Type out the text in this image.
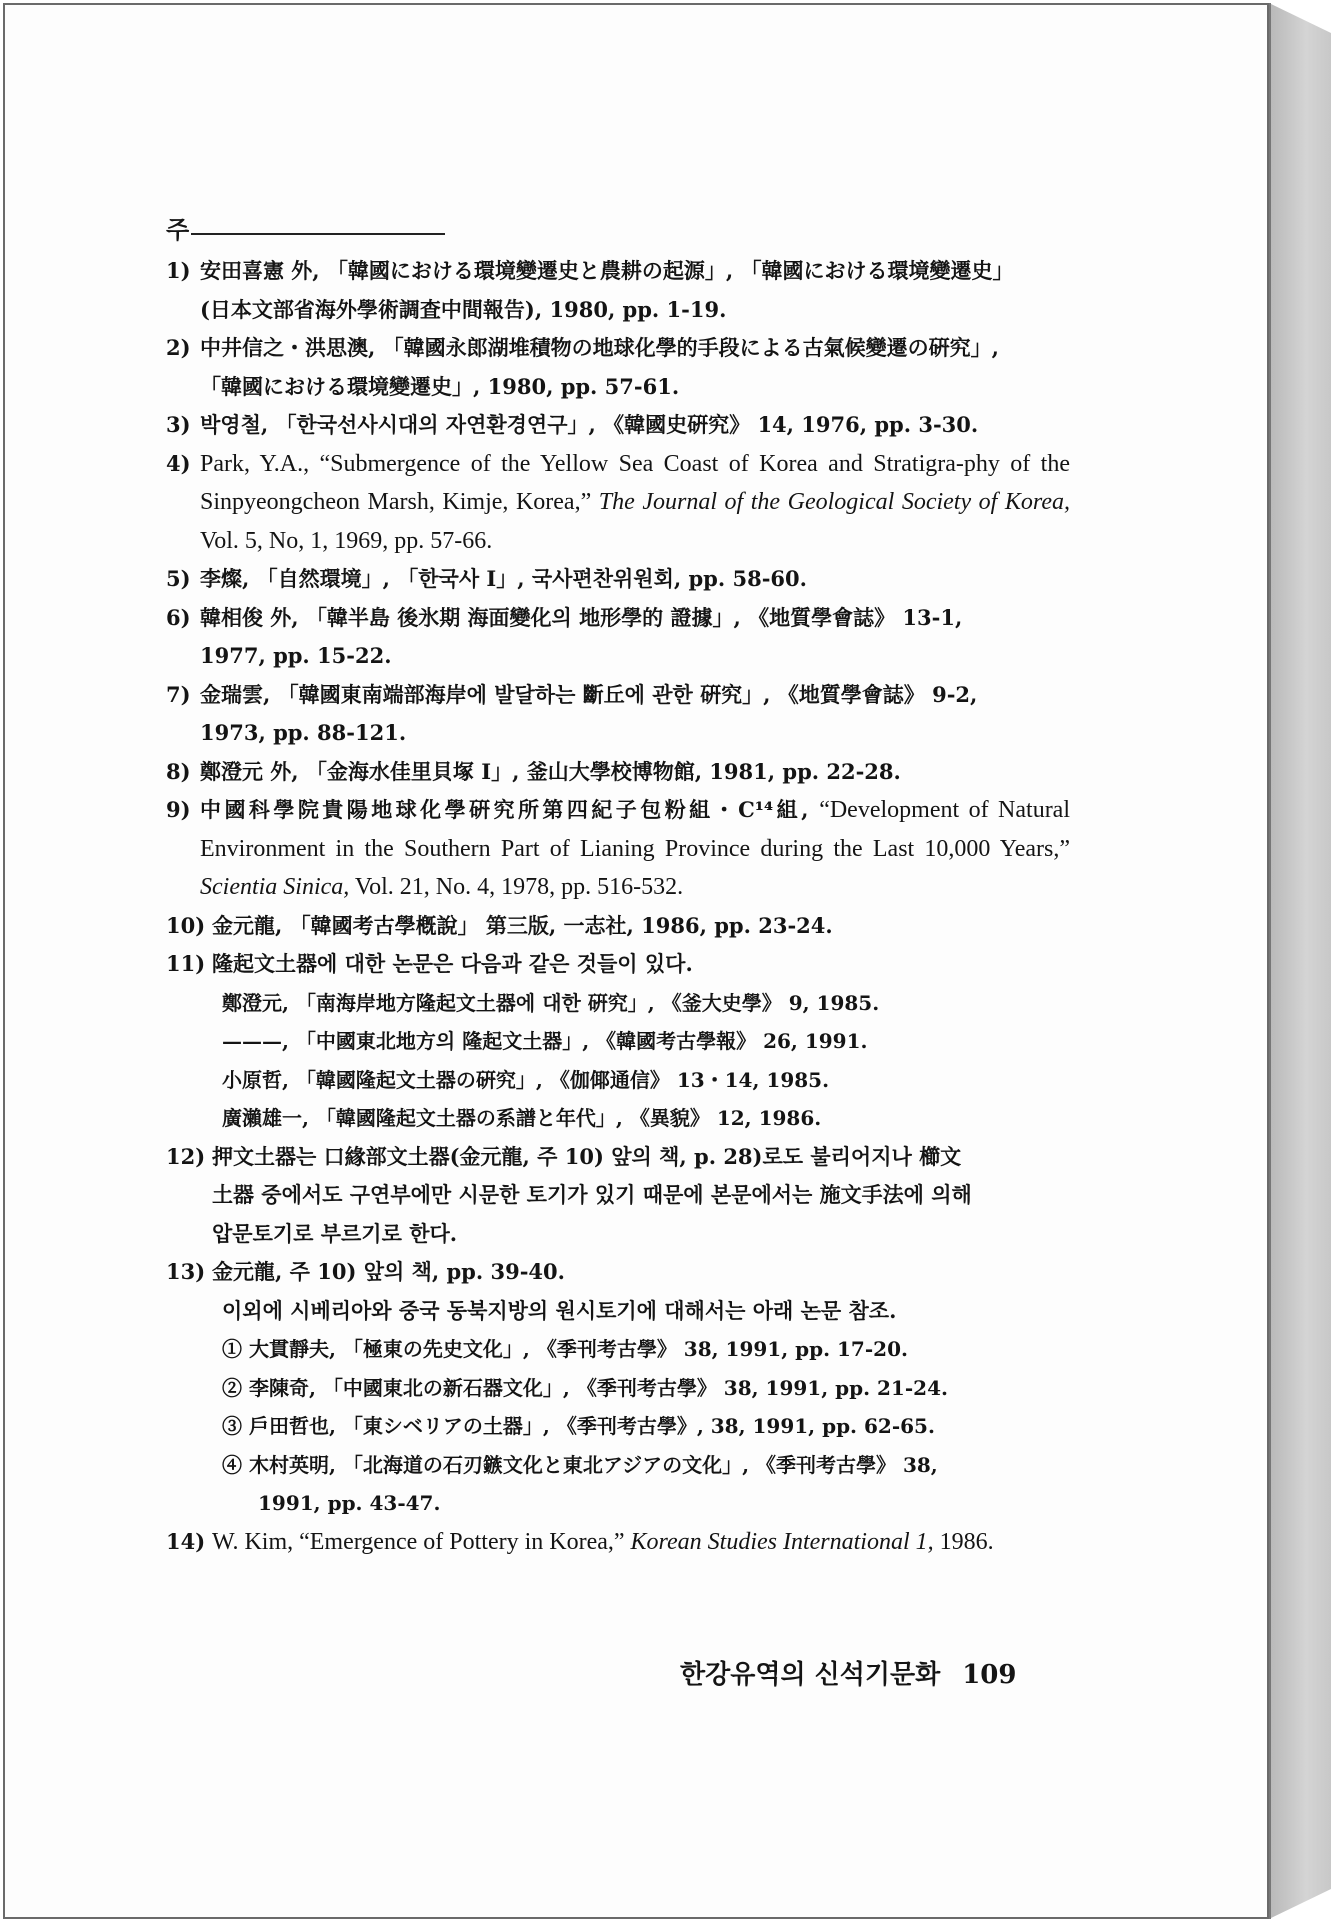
주
1) 安田喜憲 外, 「韓國における環境變遷史と農耕の起源」, 「韓國における環境變遷史」
(日本文部省海外學術調査中間報告), 1980, pp. 1-19.
2) 中井信之・洪思澳, 「韓國永郎湖堆積物の地球化學的手段による古氣候變遷の硏究」,
「韓國における環境變遷史」, 1980, pp. 57-61.
3) 박영철, 「한국선사시대의 자연환경연구」, 《韓國史硏究》 14, 1976, pp. 3-30.
4) Park, Y.A., “Submergence of the Yellow Sea Coast of Korea and Stratigra-phy of the Sinpyeongcheon Marsh, Kimje, Korea,” The Journal of the Geological Society of Korea, Vol. 5, No, 1, 1969, pp. 57-66.
5) 李燦, 「自然環境」, 「한국사 Ⅰ」, 국사편찬위원회, pp. 58-60.
6) 韓相俊 外, 「韓半島 後氷期 海面變化의 地形學的 證據」, 《地質學會誌》 13-1,
1977, pp. 15-22.
7) 金瑞雲, 「韓國東南端部海岸에 발달하는 斷丘에 관한 硏究」, 《地質學會誌》 9-2,
1973, pp. 88-121.
8) 鄭澄元 外, 「金海水佳里貝塚 Ⅰ」, 釜山大學校博物館, 1981, pp. 22-28.
9) 中國科學院貴陽地球化學硏究所第四紀子包粉組・C¹⁴組, “Development of Natural Environment in the Southern Part of Lianing Province during the Last 10,000 Years,” Scientia Sinica, Vol. 21, No. 4, 1978, pp. 516-532.
10) 金元龍, 「韓國考古學槪說」 第三版, 一志社, 1986, pp. 23-24.
11) 隆起文土器에 대한 논문은 다음과 같은 것들이 있다.
鄭澄元, 「南海岸地方隆起文土器에 대한 硏究」, 《釜大史學》 9, 1985.
———, 「中國東北地方의 隆起文土器」, 《韓國考古學報》 26, 1991.
小原哲, 「韓國隆起文土器の硏究」, 《伽倻通信》 13・14, 1985.
廣瀨雄一, 「韓國隆起文土器の系譜と年代」, 《異貌》 12, 1986.
12) 押文土器는 口緣部文土器(金元龍, 주 10) 앞의 책, p. 28)로도 불리어지나 櫛文
土器 중에서도 구연부에만 시문한 토기가 있기 때문에 본문에서는 施文手法에 의해
압문토기로 부르기로 한다.
13) 金元龍, 주 10) 앞의 책, pp. 39-40.
이외에 시베리아와 중국 동북지방의 원시토기에 대해서는 아래 논문 참조.
① 大貫靜夫, 「極東の先史文化」, 《季刊考古學》 38, 1991, pp. 17-20.
② 李陳奇, 「中國東北の新石器文化」, 《季刊考古學》 38, 1991, pp. 21-24.
③ 戶田哲也, 「東シベリアの土器」, 《季刊考古學》, 38, 1991, pp. 62-65.
④ 木村英明, 「北海道の石刃鏃文化と東北アジアの文化」, 《季刊考古學》 38,
1991, pp. 43-47.
14) W. Kim, “Emergence of Pottery in Korea,” Korean Studies International 1, 1986.
한강유역의 신석기문화 109
